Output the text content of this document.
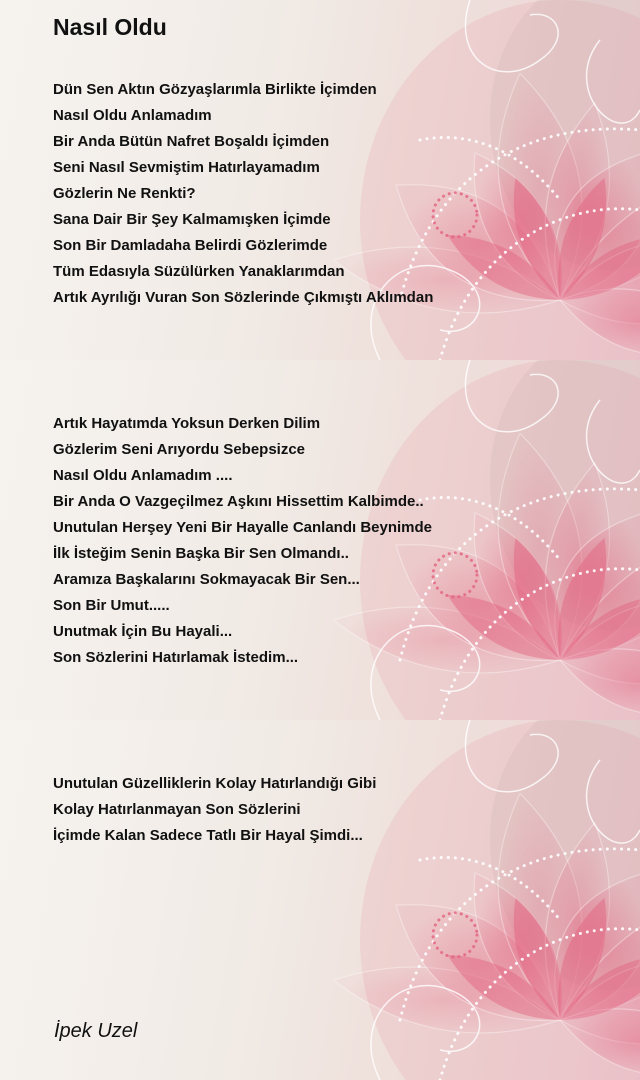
Nasıl Oldu
Dün Sen Aktın Gözyaşlarımla Birlikte İçimden
Nasıl Oldu Anlamadım
Bir Anda Bütün Nafret Boşaldı İçimden
Seni Nasıl Sevmiştim Hatırlayamadım
Gözlerin Ne Renkti?
Sana Dair Bir Şey Kalmamışken İçimde
Son Bir Damladaha Belirdi Gözlerimde
Tüm Edasıyla Süzülürken Yanaklarımdan
Artık Ayrılığı Vuran Son Sözlerinde Çıkmıştı Aklımdan
Artık Hayatımda Yoksun Derken Dilim
Gözlerim Seni Arıyordu Sebepsizce
Nasıl Oldu Anlamadım ....
Bir Anda O Vazgeçilmez Aşkını Hissettim Kalbimde..
Unutulan Herşey Yeni Bir Hayalle Canlandı Beynimde
İlk İsteğim Senin Başka Bir Sen Olmandı..
Aramıza Başkalarını Sokmayacak Bir Sen...
Son Bir Umut.....
Unutmak İçin Bu Hayali...
Son Sözlerini Hatırlamak İstedim...
Unutulan Güzelliklerin Kolay Hatırlandığı Gibi
Kolay Hatırlanmayan Son Sözlerini
İçimde Kalan Sadece Tatlı Bir Hayal Şimdi...
İpek Uzel
